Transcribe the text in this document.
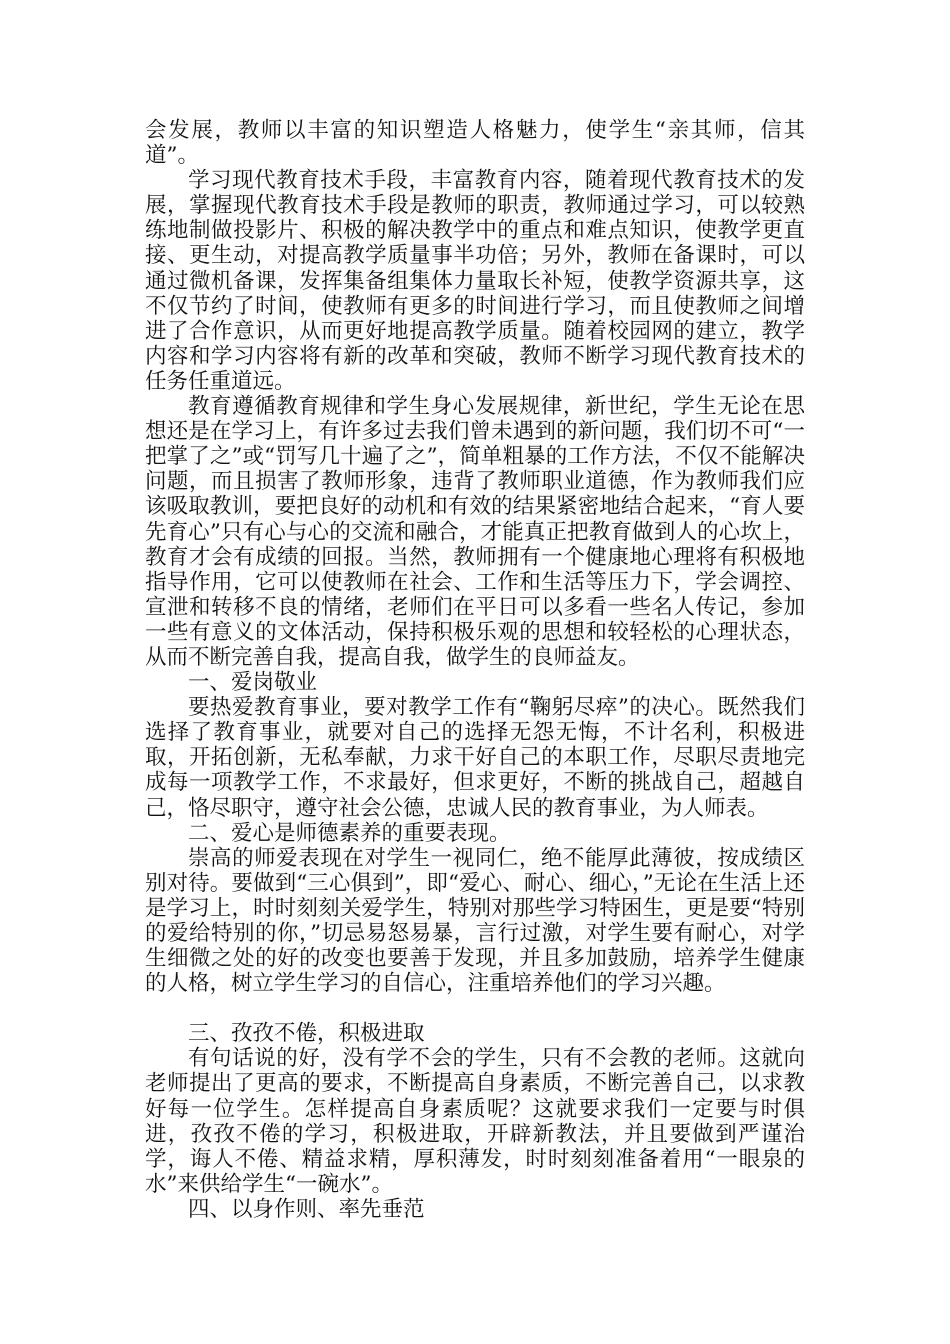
会发展，教师以丰富的知识塑造人格魅力，使学生“亲其师，信其道”。

学习现代教育技术手段，丰富教育内容，随着现代教育技术的发展，掌握现代教育技术手段是教师的职责，教师通过学习，可以较熟练地制做投影片、积极的解决教学中的重点和难点知识，使教学更直接、更生动，对提高教学质量事半功倍；另外，教师在备课时，可以通过微机备课，发挥集备组集体力量取长补短，使教学资源共享，这不仅节约了时间，使教师有更多的时间进行学习，而且使教师之间增进了合作意识，从而更好地提高教学质量。随着校园网的建立，教学内容和学习内容将有新的改革和突破，教师不断学习现代教育技术的任务任重道远。

教育遵循教育规律和学生身心发展规律，新世纪，学生无论在思想还是在学习上，有许多过去我们曾未遇到的新问题，我们切不可“一把掌了之”或“罚写几十遍了之”，简单粗暴的工作方法，不仅不能解决问题，而且损害了教师形象，违背了教师职业道德，作为教师我们应该吸取教训，要把良好的动机和有效的结果紧密地结合起来，“育人要先育心”只有心与心的交流和融合，才能真正把教育做到人的心坎上，教育才会有成绩的回报。当然，教师拥有一个健康地心理将有积极地指导作用，它可以使教师在社会、工作和生活等压力下，学会调控、宣泄和转移不良的情绪，老师们在平日可以多看一些名人传记，参加一些有意义的文体活动，保持积极乐观的思想和较轻松的心理状态，从而不断完善自我，提高自我，做学生的良师益友。

一、爱岗敬业

要热爱教育事业，要对教学工作有“鞠躬尽瘁”的决心。既然我们选择了教育事业，就要对自己的选择无怨无悔，不计名利，积极进取，开拓创新，无私奉献，力求干好自己的本职工作，尽职尽责地完成每一项教学工作，不求最好，但求更好，不断的挑战自己，超越自己，恪尽职守，遵守社会公德，忠诚人民的教育事业，为人师表。

二、爱心是师德素养的重要表现。

崇高的师爱表现在对学生一视同仁，绝不能厚此薄彼，按成绩区别对待。要做到“三心俱到”，即“爱心、耐心、细心，”无论在生活上还是学习上，时时刻刻关爱学生，特别对那些学习特困生，更是要“特别的爱给特别的你，”切忌易怒易暴，言行过激，对学生要有耐心，对学生细微之处的好的改变也要善于发现，并且多加鼓励，培养学生健康的人格，树立学生学习的自信心，注重培养他们的学习兴趣。

三、孜孜不倦，积极进取

有句话说的好，没有学不会的学生，只有不会教的老师。这就向老师提出了更高的要求，不断提高自身素质，不断完善自己，以求教好每一位学生。怎样提高自身素质呢？这就要求我们一定要与时俱进，孜孜不倦的学习，积极进取，开辟新教法，并且要做到严谨治学，诲人不倦、精益求精，厚积薄发，时时刻刻准备着用“一眼泉的水”来供给学生“一碗水”。

四、以身作则、率先垂范
